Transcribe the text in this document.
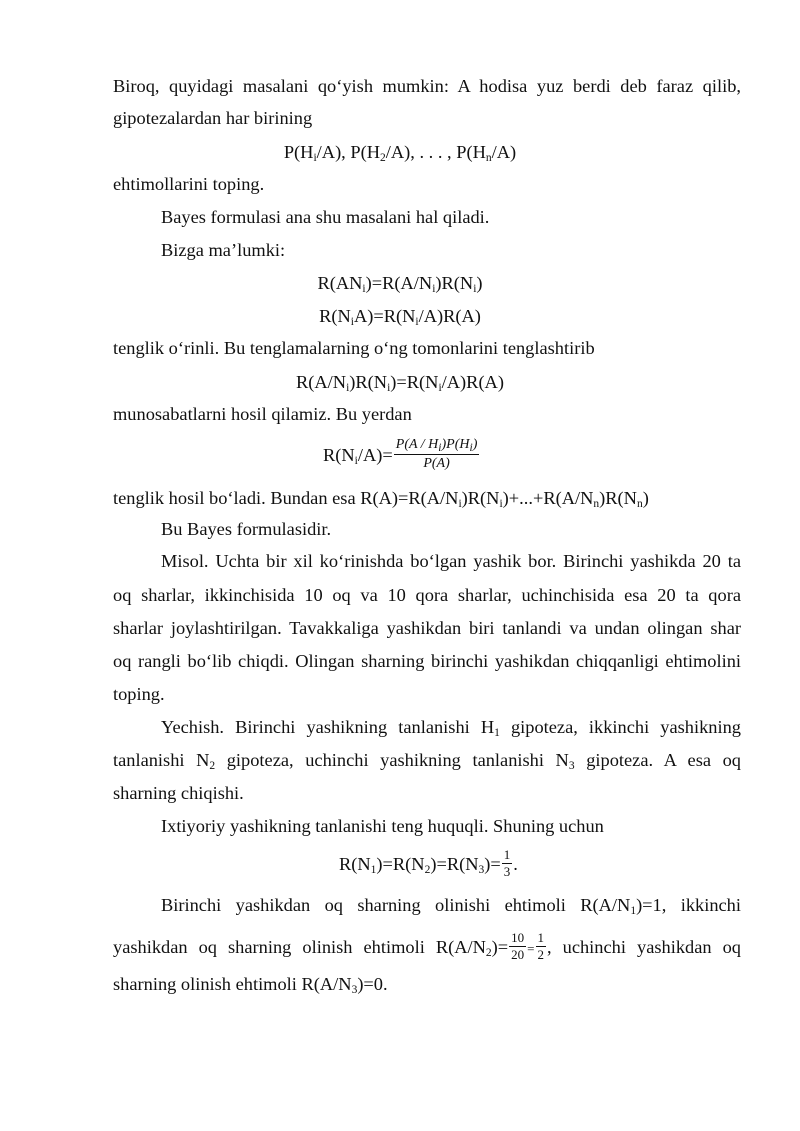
Biroq, quyidagi masalani qo‘yish mumkin: A hodisa yuz berdi deb faraz qilib,
gipotezalardan har birining
$P(H_i/A)$, $P(H_2/A)$, . . . , $P(H_n/A)$
ehtimollarini toping.
Bayes formulasi ana shu masalani hal qiladi.
Bizga ma’lumki:
$R(AN_i)=R(A/N_i)R(N_i)$
$R(N_iA)=R(N_i/A)R(A)$
tenglik o‘rinli. Bu tenglamalarning o‘ng tomonlarini tenglashtirib
$R(A/N_i)R(N_i)=R(N_i/A)R(A)$
munosabatlarni hosil qilamiz. Bu yerdan
$R(N_i/A)= \frac{P(A / H_i)P(H_i)}{P(A)}$
tenglik hosil bo‘ladi. Bundan esa $R(A)=R(A/N_i)R(N_i)+...+R(A/N_n)R(N_n)$
Bu Bayes formulasidir.
Misol. Uchta bir xil ko‘rinishda bo‘lgan yashik bor. Birinchi yashikda 20 ta
oq sharlar, ikkinchisida 10 oq va 10 qora sharlar, uchinchisida esa 20 ta qora
sharlar joylashtirilgan. Tavakkaliga yashikdan biri tanlandi va undan olingan shar
oq rangli bo‘lib chiqdi. Olingan sharning birinchi yashikdan chiqqanligi ehtimolini
toping.
Yechish. Birinchi yashikning tanlanishi $H_1$ gipoteza, ikkinchi yashikning
tanlanishi $N_2$ gipoteza, uchinchi yashikning tanlanishi $N_3$ gipoteza. A esa oq
sharning chiqishi.
Ixtiyoriy yashikning tanlanishi teng huquqli. Shuning uchun
$R(N_1)=R(N_2)=R(N_3)= \frac{1}{3}$ .
Birinchi yashikdan oq sharning olinishi ehtimoli $R(A/N_1)=1$, ikkinchi
yashikdan oq sharning olinish ehtimoli $R(A/N_2)= \frac{10}{20} = \frac{1}{2}$ , uchinchi yashikdan oq
sharning olinish ehtimoli $R(A/N_3)=0$.
